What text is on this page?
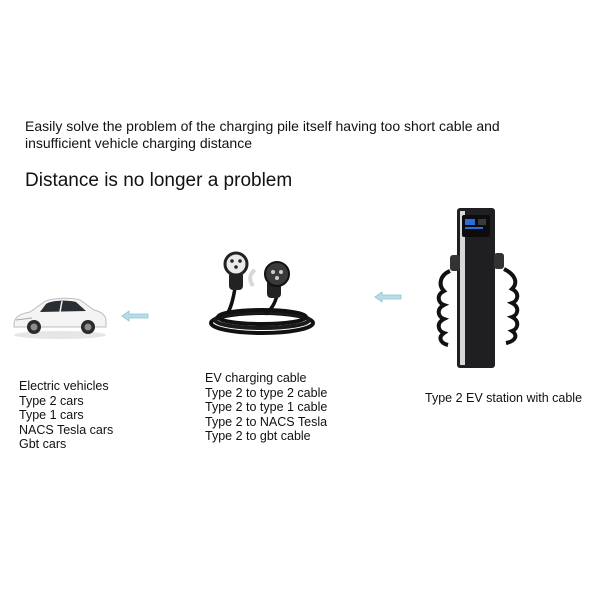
Easily solve the problem of the charging pile itself having too short cable and
insufficient vehicle charging distance
Distance is no longer a problem
Electric vehicles
Type 2 cars
Type 1 cars
NACS Tesla cars
Gbt cars
EV charging cable
Type 2 to type 2 cable
Type 2 to type 1 cable
Type 2 to NACS Tesla
Type 2 to gbt cable
Type 2 EV station with cable
